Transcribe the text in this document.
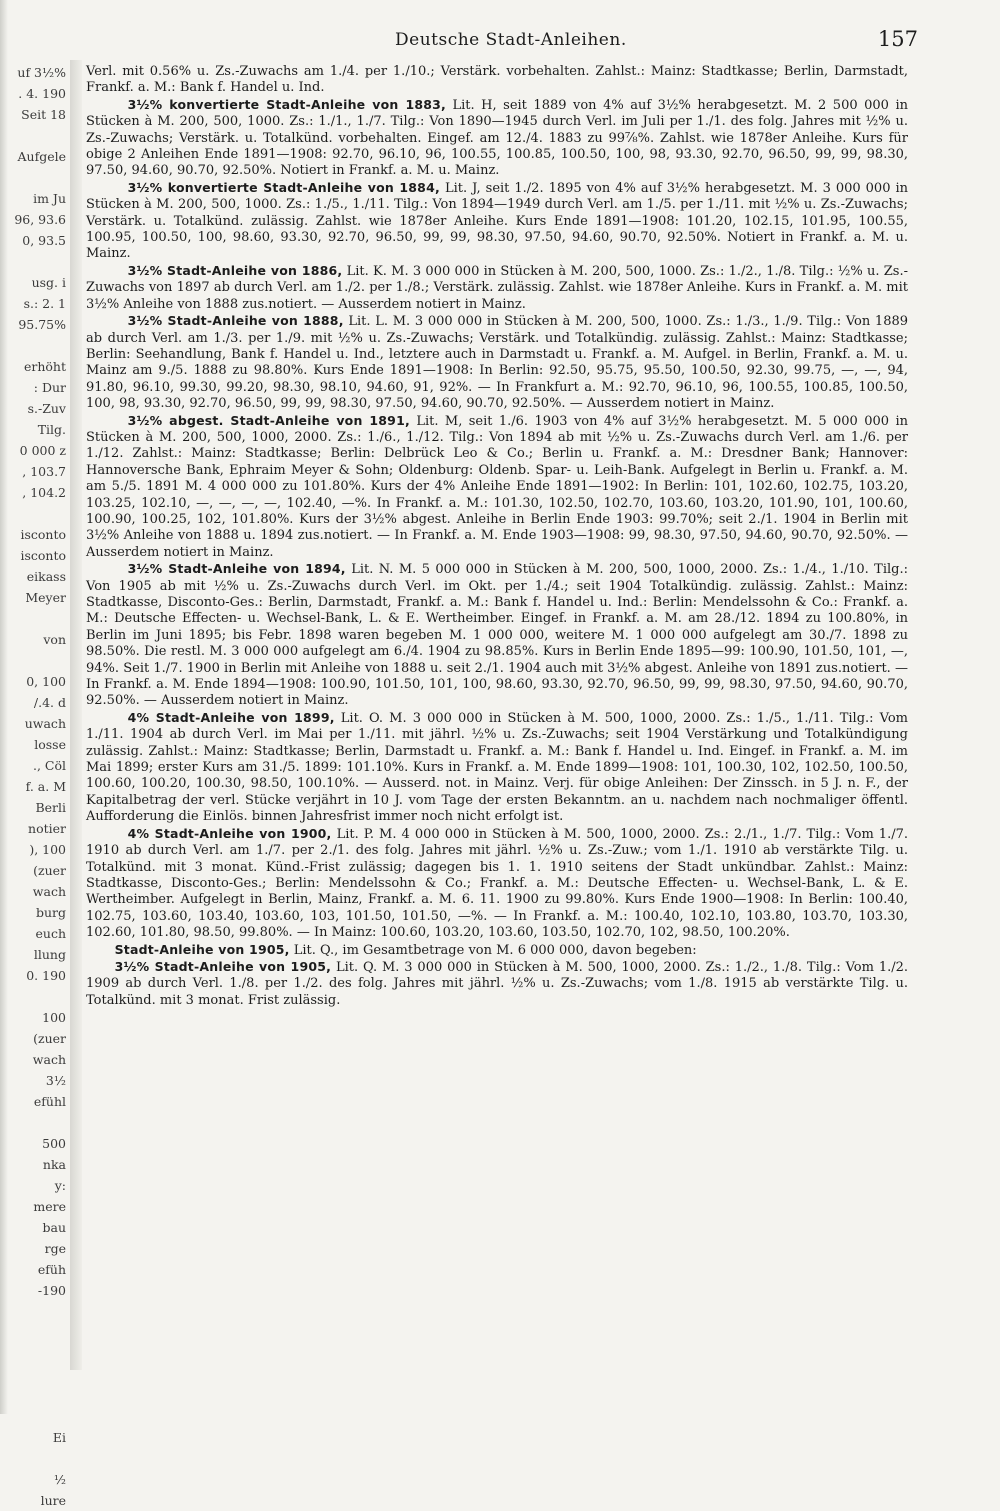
uf 3½%
. 4. 190
Seit 18

Aufgele

im Ju
96, 93.6
0, 93.5

usg. i
s.: 2. 1
95.75%

erhöht
: Dur
s.-Zuv
Tilg.
0 000 z
, 103.7
, 104.2

isconto
isconto
eikass
Meyer

von

0, 100
/.4. d
uwach
losse
., Cöl
f. a. M
Berli
notier
), 100
(zuer
wach
burg
euch
llung
0. 190

100
(zuer
wach
3½
efühl

500
nka
y:
mere
bau
rge
efüh
-190

Ei

½
lure
Deutsche Stadt-Anleihen.	157

Verl. mit 0.56% u. Zs.-Zuwachs am 1./4. per 1./10.; Verstärk. vorbehalten. Zahlst.: Mainz: Stadtkasse; Berlin, Darmstadt, Frankf. a. M.: Bank f. Handel u. Ind.

3½% konvertierte Stadt-Anleihe von 1883, Lit. H, seit 1889 von 4% auf 3½% herabgesetzt. M. 2 500 000 in Stücken à M. 200, 500, 1000. Zs.: 1./1., 1./7. Tilg.: Von 1890—1945 durch Verl. im Juli per 1./1. des folg. Jahres mit ½% u. Zs.-Zuwachs; Verstärk. u. Totalkünd. vorbehalten. Eingef. am 12./4. 1883 zu 99⅞%. Zahlst. wie 1878er Anleihe. Kurs für obige 2 Anleihen Ende 1891—1908: 92.70, 96.10, 96, 100.55, 100.85, 100.50, 100, 98, 93.30, 92.70, 96.50, 99, 99, 98.30, 97.50, 94.60, 90.70, 92.50%. Notiert in Frankf. a. M. u. Mainz.

3½% konvertierte Stadt-Anleihe von 1884, Lit. J, seit 1./2. 1895 von 4% auf 3½% herabgesetzt. M. 3 000 000 in Stücken à M. 200, 500, 1000. Zs.: 1./5., 1./11. Tilg.: Von 1894—1949 durch Verl. am 1./5. per 1./11. mit ½% u. Zs.-Zuwachs; Verstärk. u. Totalkünd. zulässig. Zahlst. wie 1878er Anleihe. Kurs Ende 1891—1908: 101.20, 102.15, 101.95, 100.55, 100.95, 100.50, 100, 98.60, 93.30, 92.70, 96.50, 99, 99, 98.30, 97.50, 94.60, 90.70, 92.50%. Notiert in Frankf. a. M. u. Mainz.

3½% Stadt-Anleihe von 1886, Lit. K. M. 3 000 000 in Stücken à M. 200, 500, 1000. Zs.: 1./2., 1./8. Tilg.: ½% u. Zs.-Zuwachs von 1897 ab durch Verl. am 1./2. per 1./8.; Verstärk. zulässig. Zahlst. wie 1878er Anleihe. Kurs in Frankf. a. M. mit 3½% Anleihe von 1888 zus.notiert. — Ausserdem notiert in Mainz.

3½% Stadt-Anleihe von 1888, Lit. L. M. 3 000 000 in Stücken à M. 200, 500, 1000. Zs.: 1./3., 1./9. Tilg.: Von 1889 ab durch Verl. am 1./3. per 1./9. mit ½% u. Zs.-Zuwachs; Verstärk. und Totalkündig. zulässig. Zahlst.: Mainz: Stadtkasse; Berlin: Seehandlung, Bank f. Handel u. Ind., letztere auch in Darmstadt u. Frankf. a. M. Aufgel. in Berlin, Frankf. a. M. u. Mainz am 9./5. 1888 zu 98.80%. Kurs Ende 1891—1908: In Berlin: 92.50, 95.75, 95.50, 100.50, 92.30, 99.75, —, —, 94, 91.80, 96.10, 99.30, 99.20, 98.30, 98.10, 94.60, 91, 92%. — In Frankfurt a. M.: 92.70, 96.10, 96, 100.55, 100.85, 100.50, 100, 98, 93.30, 92.70, 96.50, 99, 99, 98.30, 97.50, 94.60, 90.70, 92.50%. — Ausserdem notiert in Mainz.

3½% abgest. Stadt-Anleihe von 1891, Lit. M, seit 1./6. 1903 von 4% auf 3½% herabgesetzt. M. 5 000 000 in Stücken à M. 200, 500, 1000, 2000. Zs.: 1./6., 1./12. Tilg.: Von 1894 ab mit ½% u. Zs.-Zuwachs durch Verl. am 1./6. per 1./12. Zahlst.: Mainz: Stadtkasse; Berlin: Delbrück Leo & Co.; Berlin u. Frankf. a. M.: Dresdner Bank; Hannover: Hannoversche Bank, Ephraim Meyer & Sohn; Oldenburg: Oldenb. Spar- u. Leih-Bank. Aufgelegt in Berlin u. Frankf. a. M. am 5./5. 1891 M. 4 000 000 zu 101.80%. Kurs der 4% Anleihe Ende 1891—1902: In Berlin: 101, 102.60, 102.75, 103.20, 103.25, 102.10, —, —, —, —, 102.40, —%. In Frankf. a. M.: 101.30, 102.50, 102.70, 103.60, 103.20, 101.90, 101, 100.60, 100.90, 100.25, 102, 101.80%. Kurs der 3½% abgest. Anleihe in Berlin Ende 1903: 99.70%; seit 2./1. 1904 in Berlin mit 3½% Anleihe von 1888 u. 1894 zus.notiert. — In Frankf. a. M. Ende 1903—1908: 99, 98.30, 97.50, 94.60, 90.70, 92.50%. — Ausserdem notiert in Mainz.

3½% Stadt-Anleihe von 1894, Lit. N. M. 5 000 000 in Stücken à M. 200, 500, 1000, 2000. Zs.: 1./4., 1./10. Tilg.: Von 1905 ab mit ½% u. Zs.-Zuwachs durch Verl. im Okt. per 1./4.; seit 1904 Totalkündig. zulässig. Zahlst.: Mainz: Stadtkasse, Disconto-Ges.: Berlin, Darmstadt, Frankf. a. M.: Bank f. Handel u. Ind.: Berlin: Mendelssohn & Co.: Frankf. a. M.: Deutsche Effecten- u. Wechsel-Bank, L. & E. Wertheimber. Eingef. in Frankf. a. M. am 28./12. 1894 zu 100.80%, in Berlin im Juni 1895; bis Febr. 1898 waren begeben M. 1 000 000, weitere M. 1 000 000 aufgelegt am 30./7. 1898 zu 98.50%. Die restl. M. 3 000 000 aufgelegt am 6./4. 1904 zu 98.85%. Kurs in Berlin Ende 1895—99: 100.90, 101.50, 101, —, 94%. Seit 1./7. 1900 in Berlin mit Anleihe von 1888 u. seit 2./1. 1904 auch mit 3½% abgest. Anleihe von 1891 zus.notiert. — In Frankf. a. M. Ende 1894—1908: 100.90, 101.50, 101, 100, 98.60, 93.30, 92.70, 96.50, 99, 99, 98.30, 97.50, 94.60, 90.70, 92.50%. — Ausserdem notiert in Mainz.

4% Stadt-Anleihe von 1899, Lit. O. M. 3 000 000 in Stücken à M. 500, 1000, 2000. Zs.: 1./5., 1./11. Tilg.: Vom 1./11. 1904 ab durch Verl. im Mai per 1./11. mit jährl. ½% u. Zs.-Zuwachs; seit 1904 Verstärkung und Totalkündigung zulässig. Zahlst.: Mainz: Stadtkasse; Berlin, Darmstadt u. Frankf. a. M.: Bank f. Handel u. Ind. Eingef. in Frankf. a. M. im Mai 1899; erster Kurs am 31./5. 1899: 101.10%. Kurs in Frankf. a. M. Ende 1899—1908: 101, 100.30, 102, 102.50, 100.50, 100.60, 100.20, 100.30, 98.50, 100.10%. — Ausserd. not. in Mainz. Verj. für obige Anleihen: Der Zinssch. in 5 J. n. F., der Kapitalbetrag der verl. Stücke verjährt in 10 J. vom Tage der ersten Bekanntm. an u. nachdem nach nochmaliger öffentl. Aufforderung die Einlös. binnen Jahresfrist immer noch nicht erfolgt ist.

4% Stadt-Anleihe von 1900, Lit. P. M. 4 000 000 in Stücken à M. 500, 1000, 2000. Zs.: 2./1., 1./7. Tilg.: Vom 1./7. 1910 ab durch Verl. am 1./7. per 2./1. des folg. Jahres mit jährl. ½% u. Zs.-Zuw.; vom 1./1. 1910 ab verstärkte Tilg. u. Totalkünd. mit 3 monat. Künd.-Frist zulässig; dagegen bis 1. 1. 1910 seitens der Stadt unkündbar. Zahlst.: Mainz: Stadtkasse, Disconto-Ges.; Berlin: Mendelssohn & Co.; Frankf. a. M.: Deutsche Effecten- u. Wechsel-Bank, L. & E. Wertheimber. Aufgelegt in Berlin, Mainz, Frankf. a. M. 6. 11. 1900 zu 99.80%. Kurs Ende 1900—1908: In Berlin: 100.40, 102.75, 103.60, 103.40, 103.60, 103, 101.50, 101.50, —%. — In Frankf. a. M.: 100.40, 102.10, 103.80, 103.70, 103.30, 102.60, 101.80, 98.50, 99.80%. — In Mainz: 100.60, 103.20, 103.60, 103.50, 102.70, 102, 98.50, 100.20%.

Stadt-Anleihe von 1905, Lit. Q., im Gesamtbetrage von M. 6 000 000, davon begeben:

3½% Stadt-Anleihe von 1905, Lit. Q. M. 3 000 000 in Stücken à M. 500, 1000, 2000. Zs.: 1./2., 1./8. Tilg.: Vom 1./2. 1909 ab durch Verl. 1./8. per 1./2. des folg. Jahres mit jährl. ½% u. Zs.-Zuwachs; vom 1./8. 1915 ab verstärkte Tilg. u. Totalkünd. mit 3 monat. Frist zulässig.
